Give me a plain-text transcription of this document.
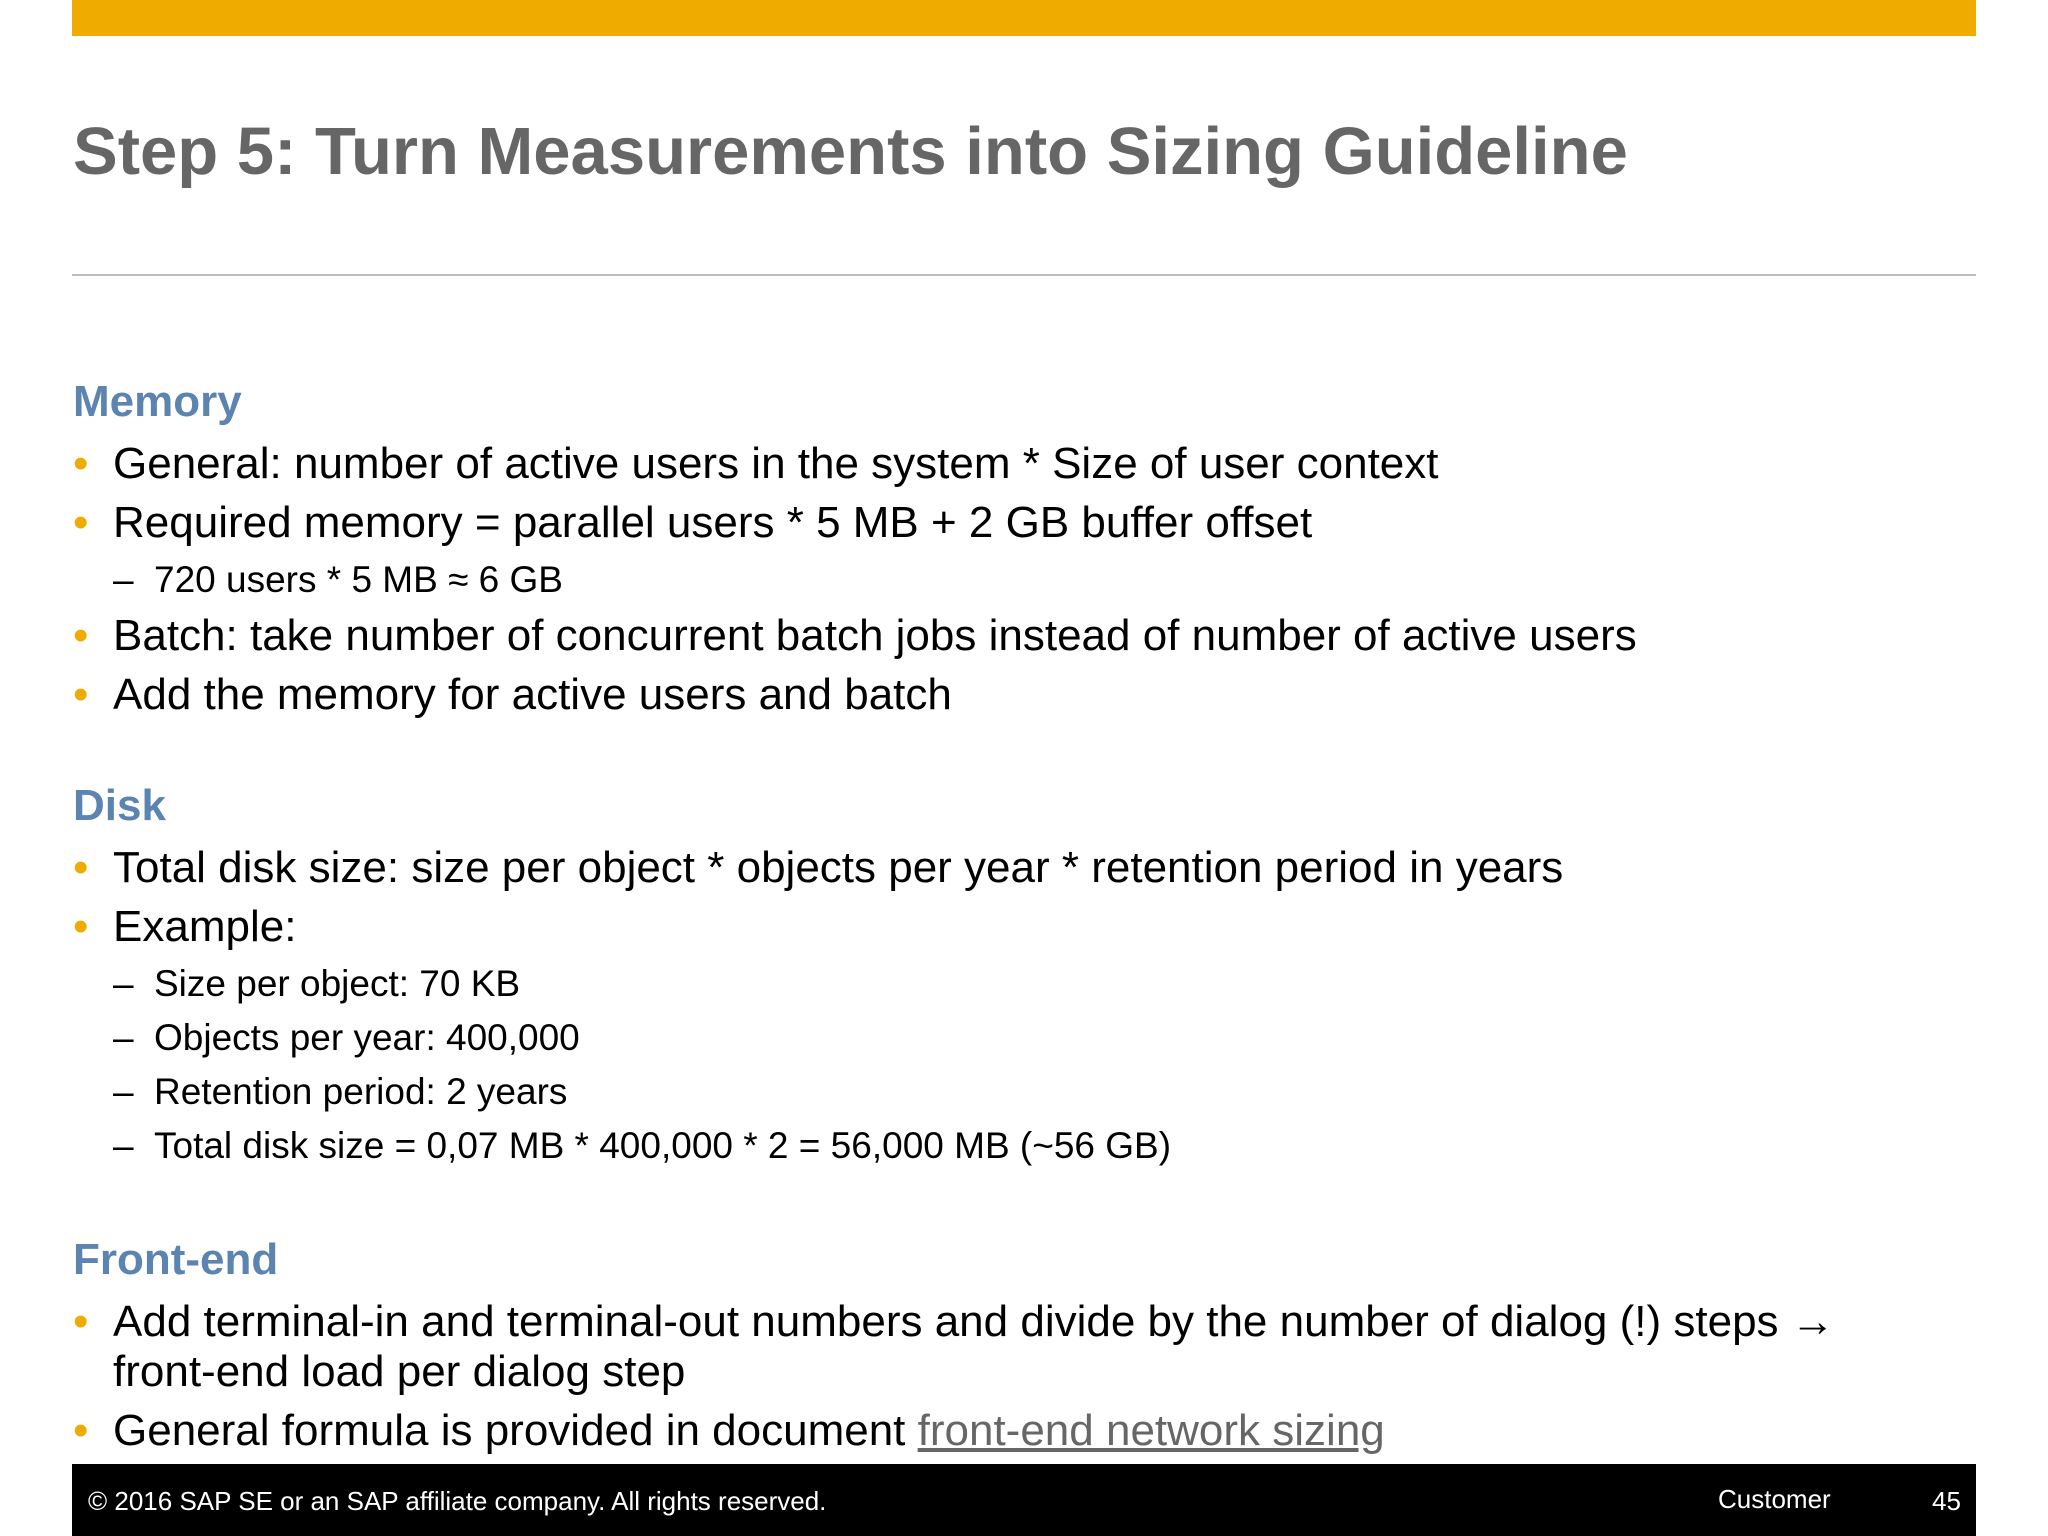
Step 5: Turn Measurements into Sizing Guideline
Memory
• General: number of active users in the system * Size of user context
• Required memory = parallel users * 5 MB + 2 GB buffer offset
– 720 users * 5 MB ≈ 6 GB
• Batch: take number of concurrent batch jobs instead of number of active users
• Add the memory for active users and batch
Disk
• Total disk size: size per object * objects per year * retention period in years
• Example:
– Size per object: 70 KB
– Objects per year: 400,000
– Retention period: 2 years
– Total disk size = 0,07 MB * 400,000 * 2 = 56,000 MB (~56 GB)
Front-end
• Add terminal-in and terminal-out numbers and divide by the number of dialog (!) steps →
front-end load per dialog step
• General formula is provided in document front-end network sizing
© 2016 SAP SE or an SAP affiliate company. All rights reserved.	Customer	45
